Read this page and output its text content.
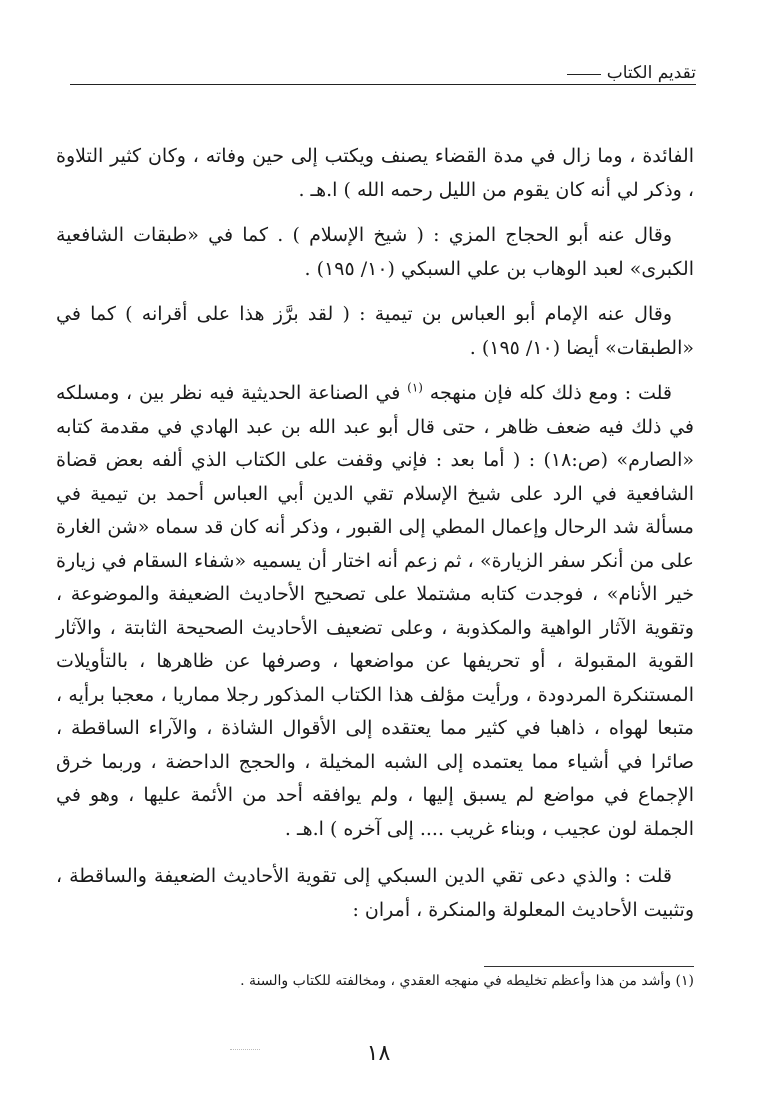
تقديم الكتاب

الفائدة ، وما زال في مدة القضاء يصنف ويكتب إلى حين وفاته ، وكان كثير التلاوة ، وذكر لي أنه كان يقوم من الليل رحمه الله ) ا.هـ .

وقال عنه أبو الحجاج المزي : ( شيخ الإسلام ) . كما في «طبقات الشافعية الكبرى» لعبد الوهاب بن علي السبكي (١٠/ ١٩٥) .

وقال عنه الإمام أبو العباس بن تيمية : ( لقد برَّز هذا على أقرانه ) كما في «الطبقات» أيضا (١٠/ ١٩٥) .

قلت : ومع ذلك كله فإن منهجه $^{(١)}$ في الصناعة الحديثية فيه نظر بين ، ومسلكه في ذلك فيه ضعف ظاهر ، حتى قال أبو عبد الله بن عبد الهادي في مقدمة كتابه «الصارم» (ص:١٨) : ( أما بعد : فإني وقفت على الكتاب الذي ألفه بعض قضاة الشافعية في الرد على شيخ الإسلام تقي الدين أبي العباس أحمد بن تيمية في مسألة شد الرحال وإعمال المطي إلى القبور ، وذكر أنه كان قد سماه «شن الغارة على من أنكر سفر الزيارة» ، ثم زعم أنه اختار أن يسميه «شفاء السقام في زيارة خير الأنام» ، فوجدت كتابه مشتملا على تصحيح الأحاديث الضعيفة والموضوعة ، وتقوية الآثار الواهية والمكذوبة ، وعلى تضعيف الأحاديث الصحيحة الثابتة ، والآثار القوية المقبولة ، أو تحريفها عن مواضعها ، وصرفها عن ظاهرها ، بالتأويلات المستنكرة المردودة ، ورأيت مؤلف هذا الكتاب المذكور رجلا مماريا ، معجبا برأيه ، متبعا لهواه ، ذاهبا في كثير مما يعتقده إلى الأقوال الشاذة ، والآراء الساقطة ، صائرا في أشياء مما يعتمده إلى الشبه المخيلة ، والحجج الداحضة ، وربما خرق الإجماع في مواضع لم يسبق إليها ، ولم يوافقه أحد من الأئمة عليها ، وهو في الجملة لون عجيب ، وبناء غريب .... إلى آخره ) ا.هـ .

قلت : والذي دعى تقي الدين السبكي إلى تقوية الأحاديث الضعيفة والساقطة ، وتثبيت الأحاديث المعلولة والمنكرة ، أمران :

(١) وأشد من هذا وأعظم تخليطه في منهجه العقدي ، ومخالفته للكتاب والسنة .
١٨
